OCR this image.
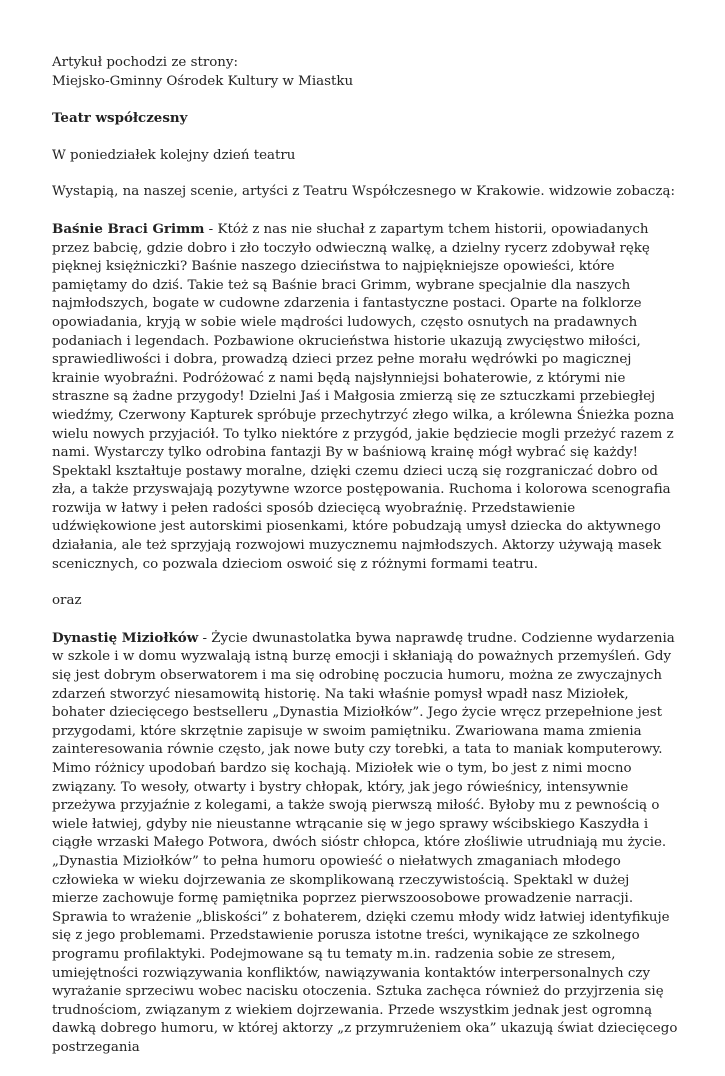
Artykuł pochodzi ze strony:
Miejsko-Gminny Ośrodek Kultury w Miastku

Teatr współczesny

W poniedziałek kolejny dzień teatru

Wystapią, na naszej scenie, artyści z Teatru Współczesnego w Krakowie. widzowie zobaczą:

Baśnie Braci Grimm - Któż z nas nie słuchał z zapartym tchem historii, opowiadanych przez babcię, gdzie dobro i zło toczyło odwieczną walkę, a dzielny rycerz zdobywał rękę pięknej księżniczki? Baśnie naszego dzieciństwa to najpiękniejsze opowieści, które pamiętamy do dziś. Takie też są Baśnie braci Grimm, wybrane specjalnie dla naszych najmłodszych, bogate w cudowne zdarzenia i fantastyczne postaci. Oparte na folklorze opowiadania, kryją w sobie wiele mądrości ludowych, często osnutych na pradawnych podaniach i legendach. Pozbawione okrucieństwa historie ukazują zwycięstwo miłości, sprawiedliwości i dobra, prowadzą dzieci przez pełne morału wędrówki po magicznej krainie wyobraźni. Podróżować z nami będą najsłynniejsi bohaterowie, z którymi nie straszne są żadne przygody! Dzielni Jaś i Małgosia zmierzą się ze sztuczkami przebiegłej wiedźmy, Czerwony Kapturek spróbuje przechytrzyć złego wilka, a królewna Śnieżka pozna wielu nowych przyjaciół. To tylko niektóre z przygód, jakie będziecie mogli przeżyć razem z nami. Wystarczy tylko odrobina fantazji By w baśniową krainę mógł wybrać się każdy! Spektakl kształtuje postawy moralne, dzięki czemu dzieci uczą się rozgraniczać dobro od zła, a także przyswajają pozytywne wzorce postępowania. Ruchoma i kolorowa scenografia rozwija w łatwy i pełen radości sposób dziecięcą wyobraźnię. Przedstawienie udźwiękowione jest autorskimi piosenkami, które pobudzają umysł dziecka do aktywnego działania, ale też sprzyjają rozwojowi muzycznemu najmłodszych. Aktorzy używają masek scenicznych, co pozwala dzieciom oswoić się z różnymi formami teatru.

oraz

Dynastię Miziołków - Życie dwunastolatka bywa naprawdę trudne. Codzienne wydarzenia w szkole i w domu wyzwalają istną burzę emocji i skłaniają do poważnych przemyśleń. Gdy się jest dobrym obserwatorem i ma się odrobinę poczucia humoru, można ze zwyczajnych zdarzeń stworzyć niesamowitą historię. Na taki właśnie pomysł wpadł nasz Miziołek, bohater dziecięcego bestselleru „Dynastia Miziołków”. Jego życie wręcz przepełnione jest przygodami, które skrzętnie zapisuje w swoim pamiętniku. Zwariowana mama zmienia zainteresowania równie często, jak nowe buty czy torebki, a tata to maniak komputerowy. Mimo różnicy upodobań bardzo się kochają. Miziołek wie o tym, bo jest z nimi mocno związany. To wesoły, otwarty i bystry chłopak, który, jak jego rówieśnicy, intensywnie przeżywa przyjaźnie z kolegami, a także swoją pierwszą miłość. Byłoby mu z pewnością o wiele łatwiej, gdyby nie nieustanne wtrącanie się w jego sprawy wścibskiego Kaszydła i ciągłe wrzaski Małego Potwora, dwóch sióstr chłopca, które złośliwie utrudniają mu życie. „Dynastia Miziołków” to pełna humoru opowieść o niełatwych zmaganiach młodego człowieka w wieku dojrzewania ze skomplikowaną rzeczywistością. Spektakl w dużej mierze zachowuje formę pamiętnika poprzez pierwszoosobowe prowadzenie narracji. Sprawia to wrażenie „bliskości” z bohaterem, dzięki czemu młody widz łatwiej identyfikuje się z jego problemami. Przedstawienie porusza istotne treści, wynikające ze szkolnego programu profilaktyki. Podejmowane są tu tematy m.in. radzenia sobie ze stresem, umiejętności rozwiązywania konfliktów, nawiązywania kontaktów interpersonalnych czy wyrażanie sprzeciwu wobec nacisku otoczenia. Sztuka zachęca również do przyjrzenia się trudnościom, związanym z wiekiem dojrzewania. Przede wszystkim jednak jest ogromną dawką dobrego humoru, w której aktorzy „z przymrużeniem oka” ukazują świat dziecięcego postrzegania
